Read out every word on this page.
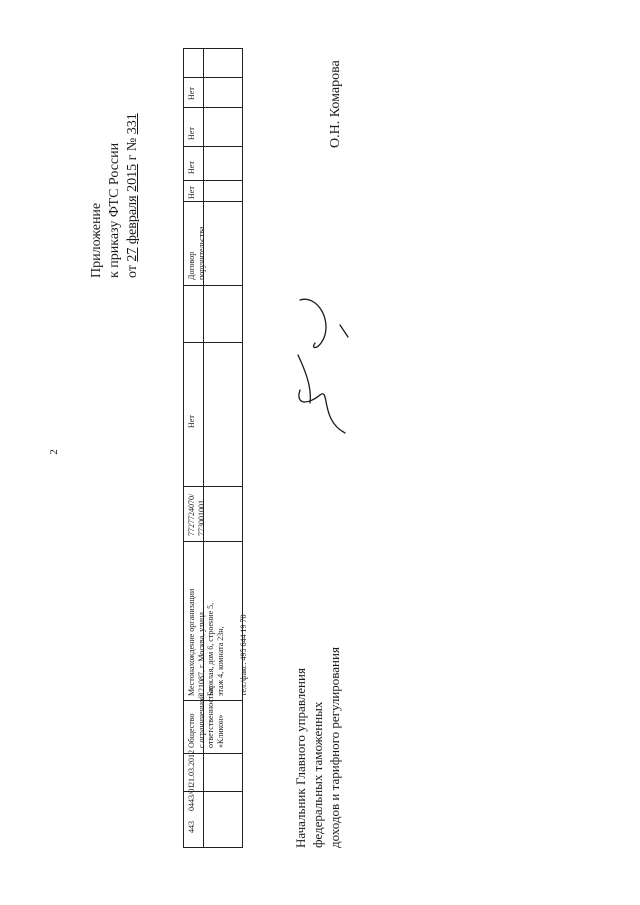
2
Приложение к приказу ФТС России от 27 февраля 2015 г № 331
443
0443/01
21.03.2012
Общество с ограниченной ответственностью «Кликон»
Местонахождение организации 121087, г. Москва, улица Барклая, дом 6, строение 5, этаж 4, комната 23н, тел./факс: 495 644 19 70
7727724070/ 773001001
Нет
Договор поручительства
Нет
Нет
Нет
Нет
Начальник Главного управления федеральных таможенных доходов и тарифного регулирования
О.Н. Комарова
